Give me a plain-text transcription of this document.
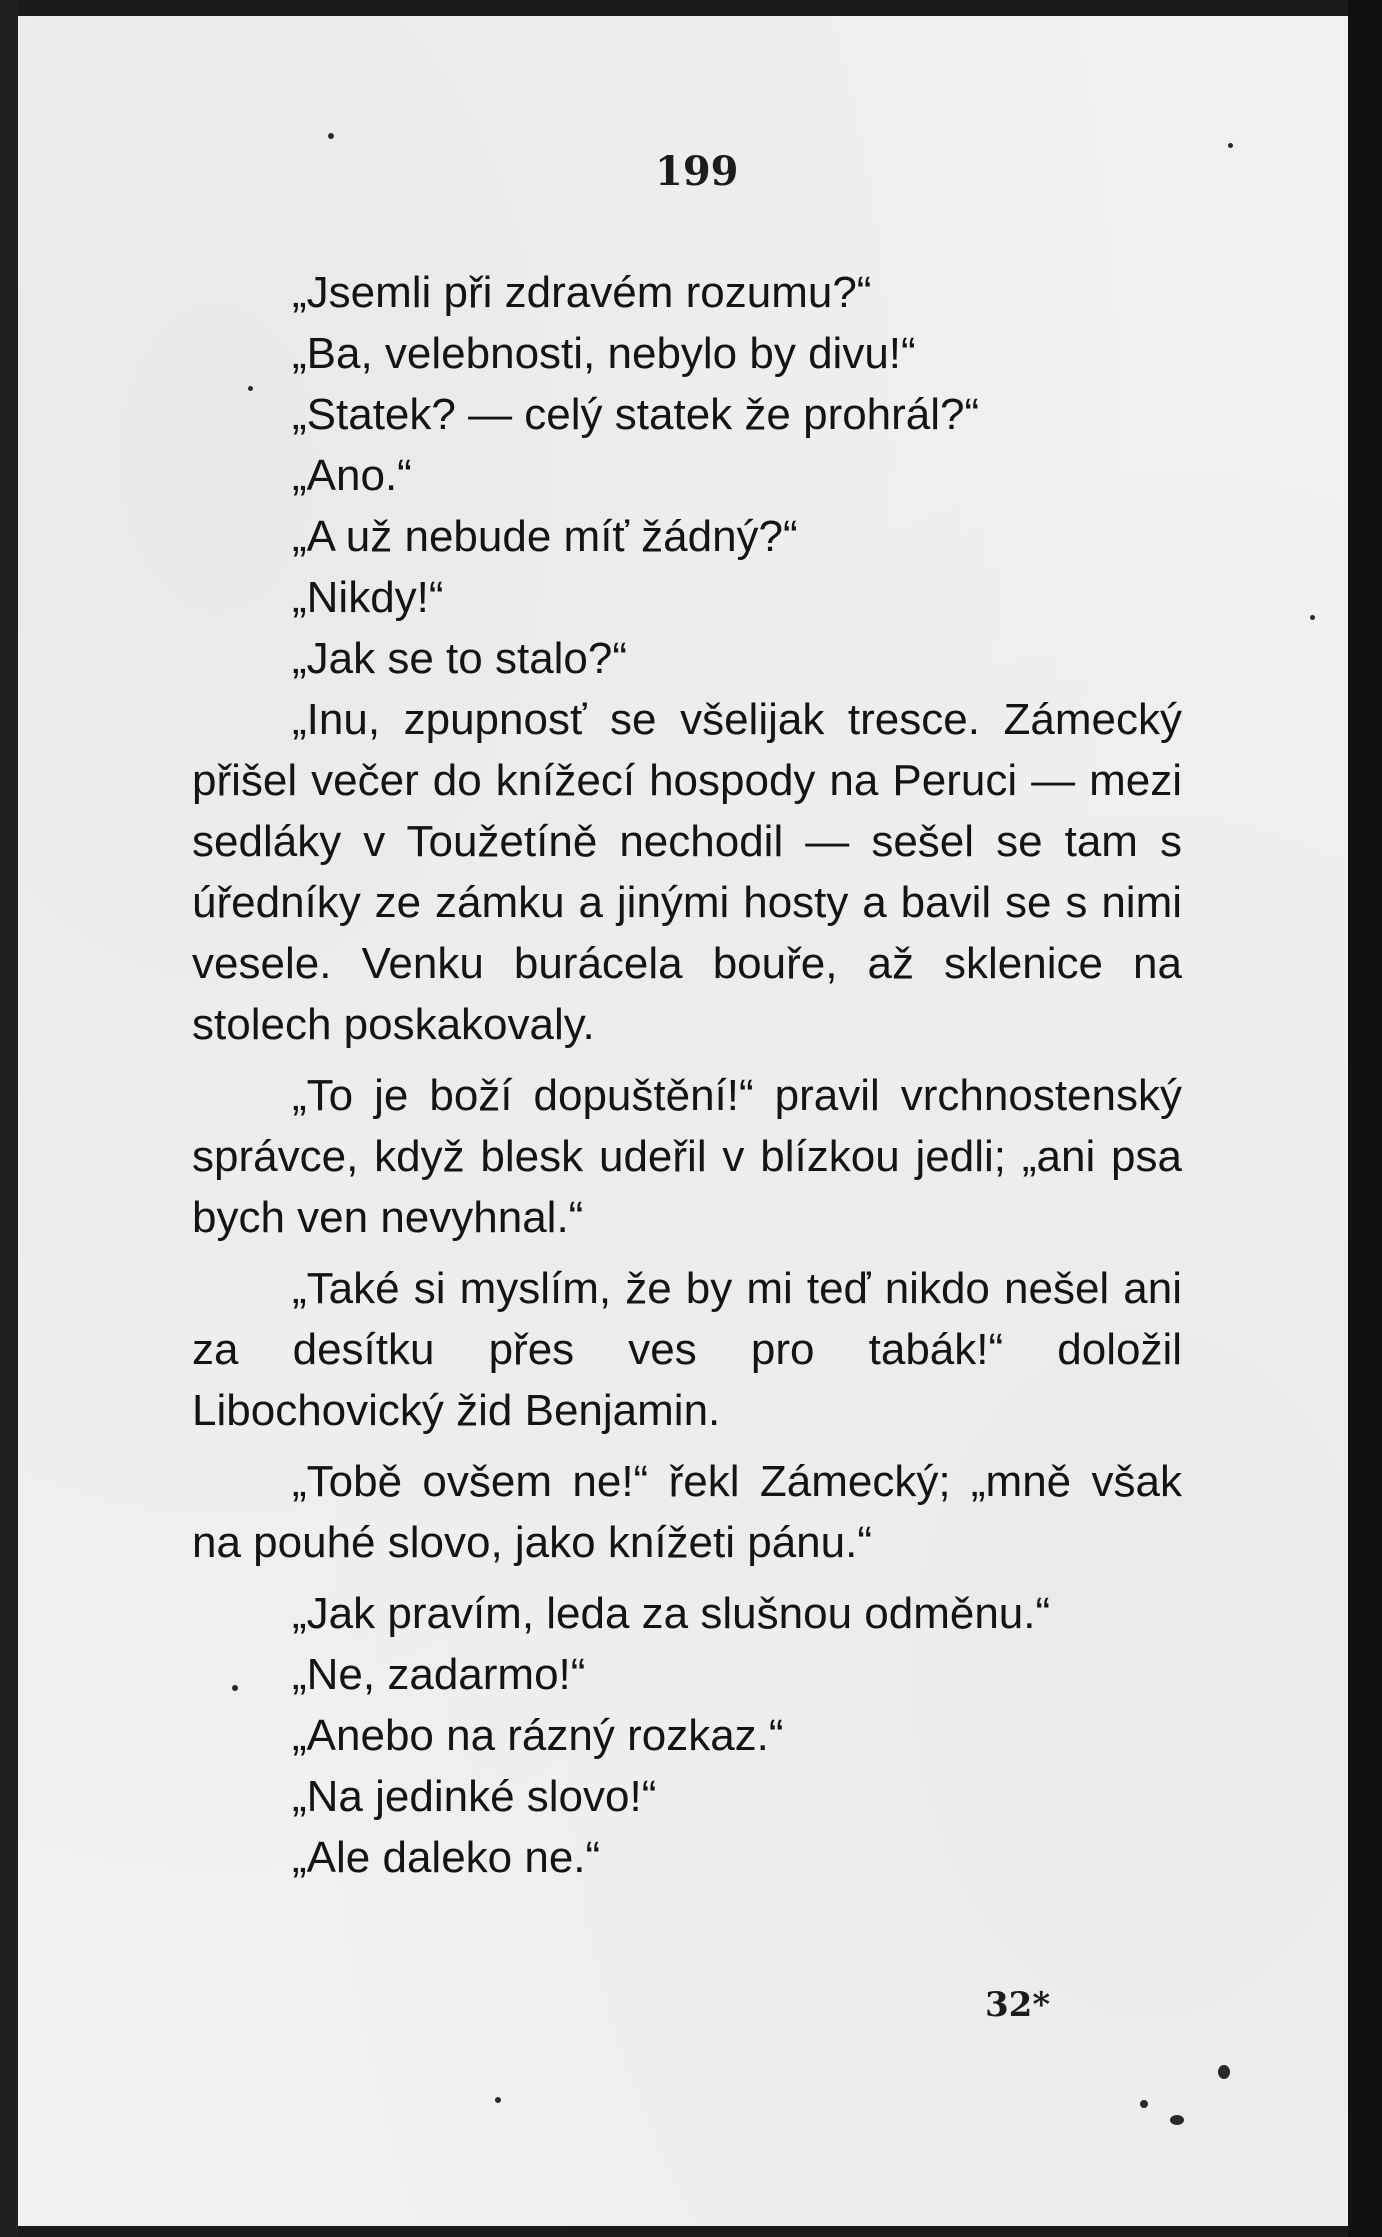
199
„Jsemli při zdravém rozumu?“
„Ba, velebnosti, nebylo by divu!“
„Statek? — celý statek že prohrál?“
„Ano.“
„A už nebude míť žádný?“
„Nikdy!“
„Jak se to stalo?“
„Inu, zpupnosť se všelijak tresce. Zámecký přišel večer do knížecí hospody na Peruci — mezi sedláky v Toužetíně nechodil — sešel se tam s úředníky ze zámku a jinými hosty a bavil se s nimi vesele. Venku burácela bouře, až sklenice na stolech poskakovaly.
„To je boží dopuštění!“ pravil vrchnostenský správce, když blesk udeřil v blízkou jedli; „ani psa bych ven nevyhnal.“
„Také si myslím, že by mi teď nikdo nešel ani za desítku přes ves pro tabák!“ doložil Libochovický žid Benjamin.
„Tobě ovšem ne!“ řekl Zámecký; „mně však na pouhé slovo, jako knížeti pánu.“
„Jak pravím, leda za slušnou odměnu.“
„Ne, zadarmo!“
„Anebo na rázný rozkaz.“
„Na jedinké slovo!“
„Ale daleko ne.“
32*
